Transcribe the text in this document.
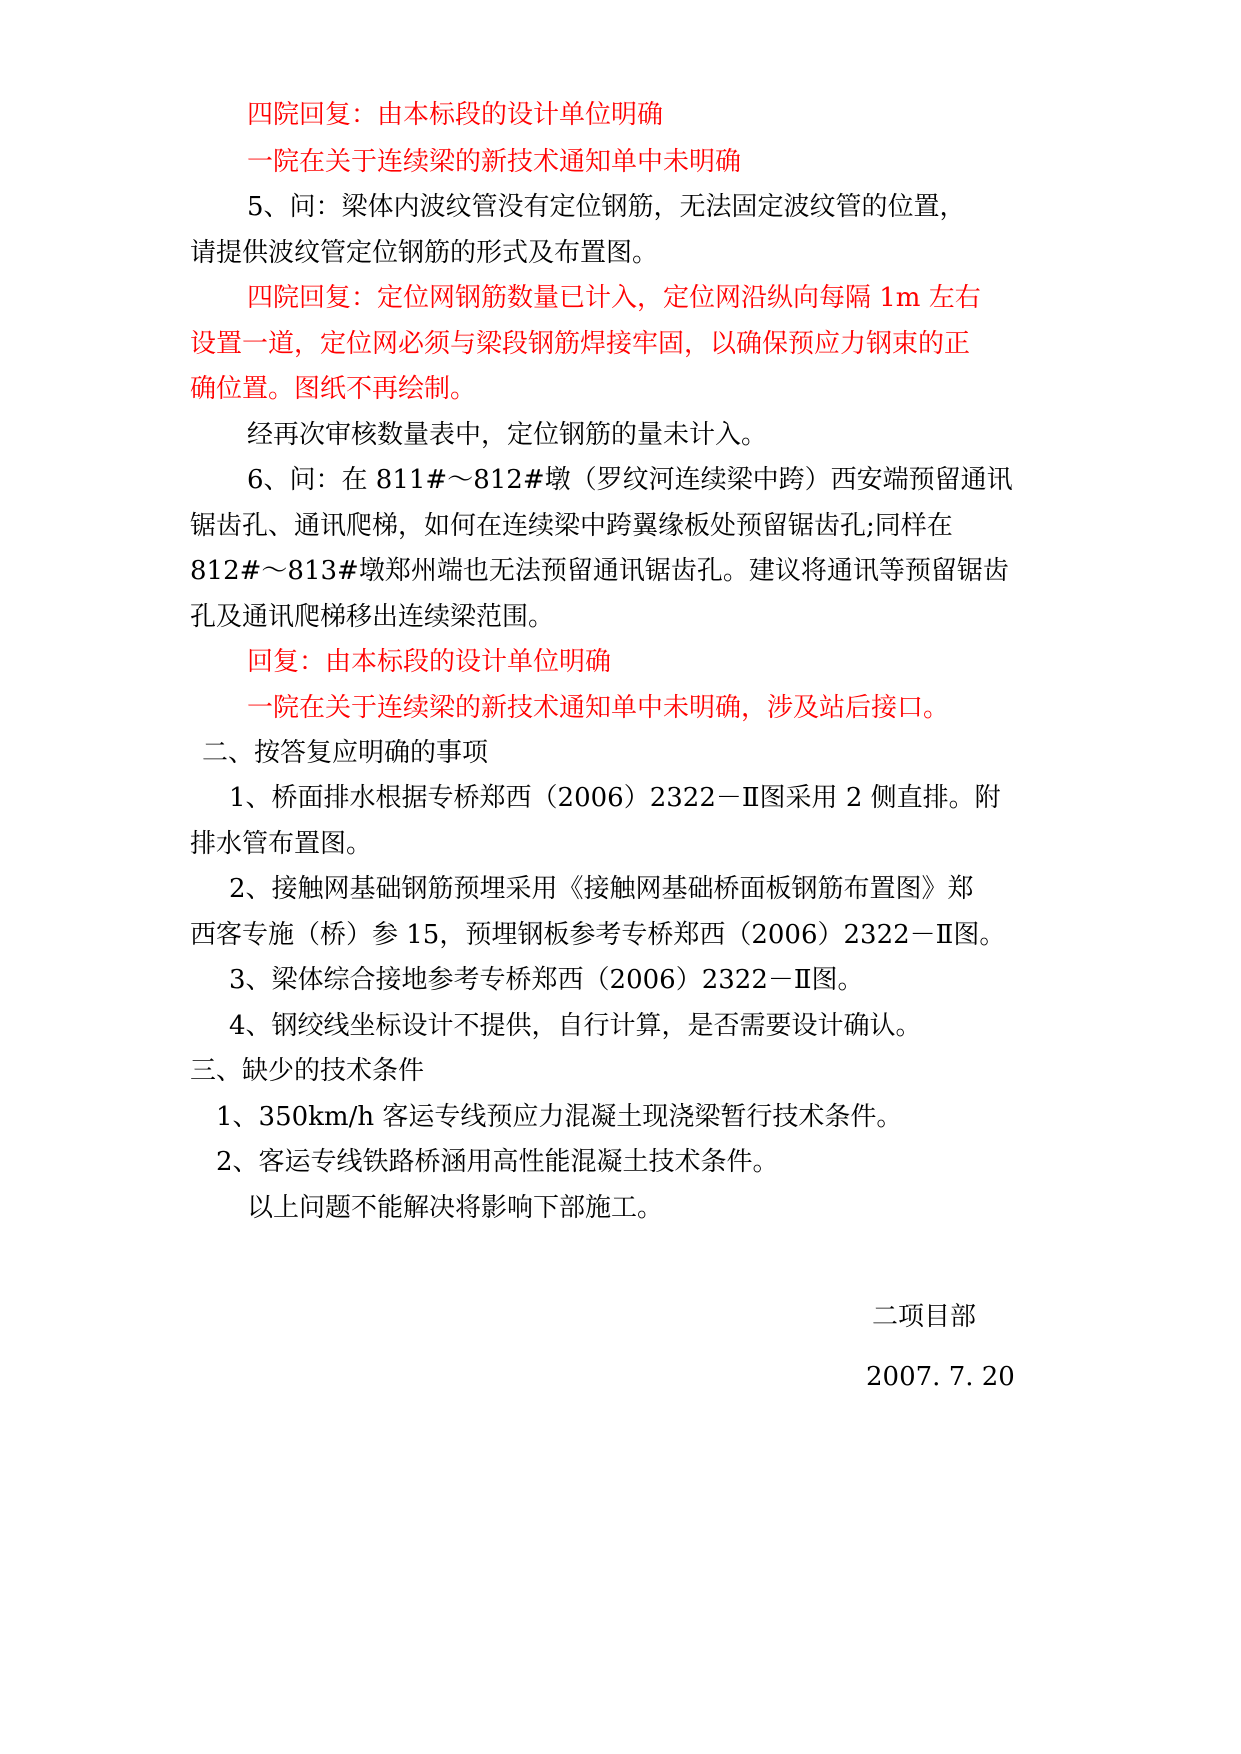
四院回复：由本标段的设计单位明确
一院在关于连续梁的新技术通知单中未明确
5、问：梁体内波纹管没有定位钢筋，无法固定波纹管的位置，
请提供波纹管定位钢筋的形式及布置图。
四院回复：定位网钢筋数量已计入，定位网沿纵向每隔 1m 左右
设置一道，定位网必须与梁段钢筋焊接牢固，以确保预应力钢束的正
确位置。图纸不再绘制。
经再次审核数量表中，定位钢筋的量未计入。
6、问：在 811#～812#墩（罗纹河连续梁中跨）西安端预留通讯
锯齿孔、通讯爬梯，如何在连续梁中跨翼缘板处预留锯齿孔;同样在
812#～813#墩郑州端也无法预留通讯锯齿孔。建议将通讯等预留锯齿
孔及通讯爬梯移出连续梁范围。
回复：由本标段的设计单位明确
一院在关于连续梁的新技术通知单中未明确，涉及站后接口。
二、按答复应明确的事项
1、桥面排水根据专桥郑西（2006）2322－Ⅱ图采用 2 侧直排。附
排水管布置图。
2、接触网基础钢筋预埋采用《接触网基础桥面板钢筋布置图》郑
西客专施（桥）参 15，预埋钢板参考专桥郑西（2006）2322－Ⅱ图。
3、梁体综合接地参考专桥郑西（2006）2322－Ⅱ图。
4、钢绞线坐标设计不提供，自行计算，是否需要设计确认。
三、缺少的技术条件
1、350km/h 客运专线预应力混凝土现浇梁暂行技术条件。
2、客运专线铁路桥涵用高性能混凝土技术条件。
以上问题不能解决将影响下部施工。
二项目部
2007. 7. 20
